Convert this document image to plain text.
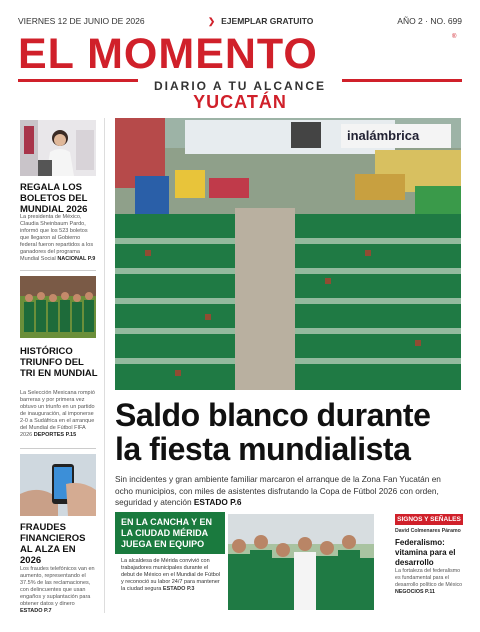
VIERNES 12 DE JUNIO DE 2026	❯ EJEMPLAR GRATUITO	AÑO 2 · NO. 699
EL MOMENTO	®
DIARIO A TU ALCANCE
YUCATÁN
REGALA LOS BOLETOS DEL MUNDIAL 2026
La presidenta de México, Claudia Sheinbaum Pardo, informó que los 523 boletos que llegaron al Gobierno federal fueron repartidos a los ganadores del programa Mundial Social NACIONAL P.9
HISTÓRICO TRIUNFO DEL TRI EN MUNDIAL
La Selección Mexicana rompió barreras y por primera vez obtuvo un triunfo en un partido de inauguración, al imponerse 2-0 a Sudáfrica en el arranque del Mundial de Fútbol FIFA 2026 DEPORTES P.15
FRAUDES FINANCIEROS AL ALZA EN 2026
Los fraudes telefónicos van en aumento, representando el 37.5% de las reclamaciones, con delincuentes que usan engaños y suplantación para obtener datos y dinero ESTADO P.7
inalámbrica
Saldo blanco durante
la fiesta mundialista
Sin incidentes y gran ambiente familiar marcaron el arranque de la Zona Fan Yucatán en ocho municipios, con miles de asistentes disfrutando la Copa de Fútbol 2026 con orden, seguridad y atención ESTADO P.6
EN LA CANCHA Y EN LA CIUDAD MÉRIDA JUEGA EN EQUIPO
La alcaldesa de Mérida convivió con trabajadores municipales durante el debut de México en el Mundial de Fútbol y reconoció su labor 24/7 para mantener la ciudad segura ESTADO P.3
SIGNOS Y SEÑALES
David Colmenares Páramo
Federalismo: vitamina para el desarrollo
La fortaleza del federalismo es fundamental para el desarrollo político de México NEGOCIOS P.11
